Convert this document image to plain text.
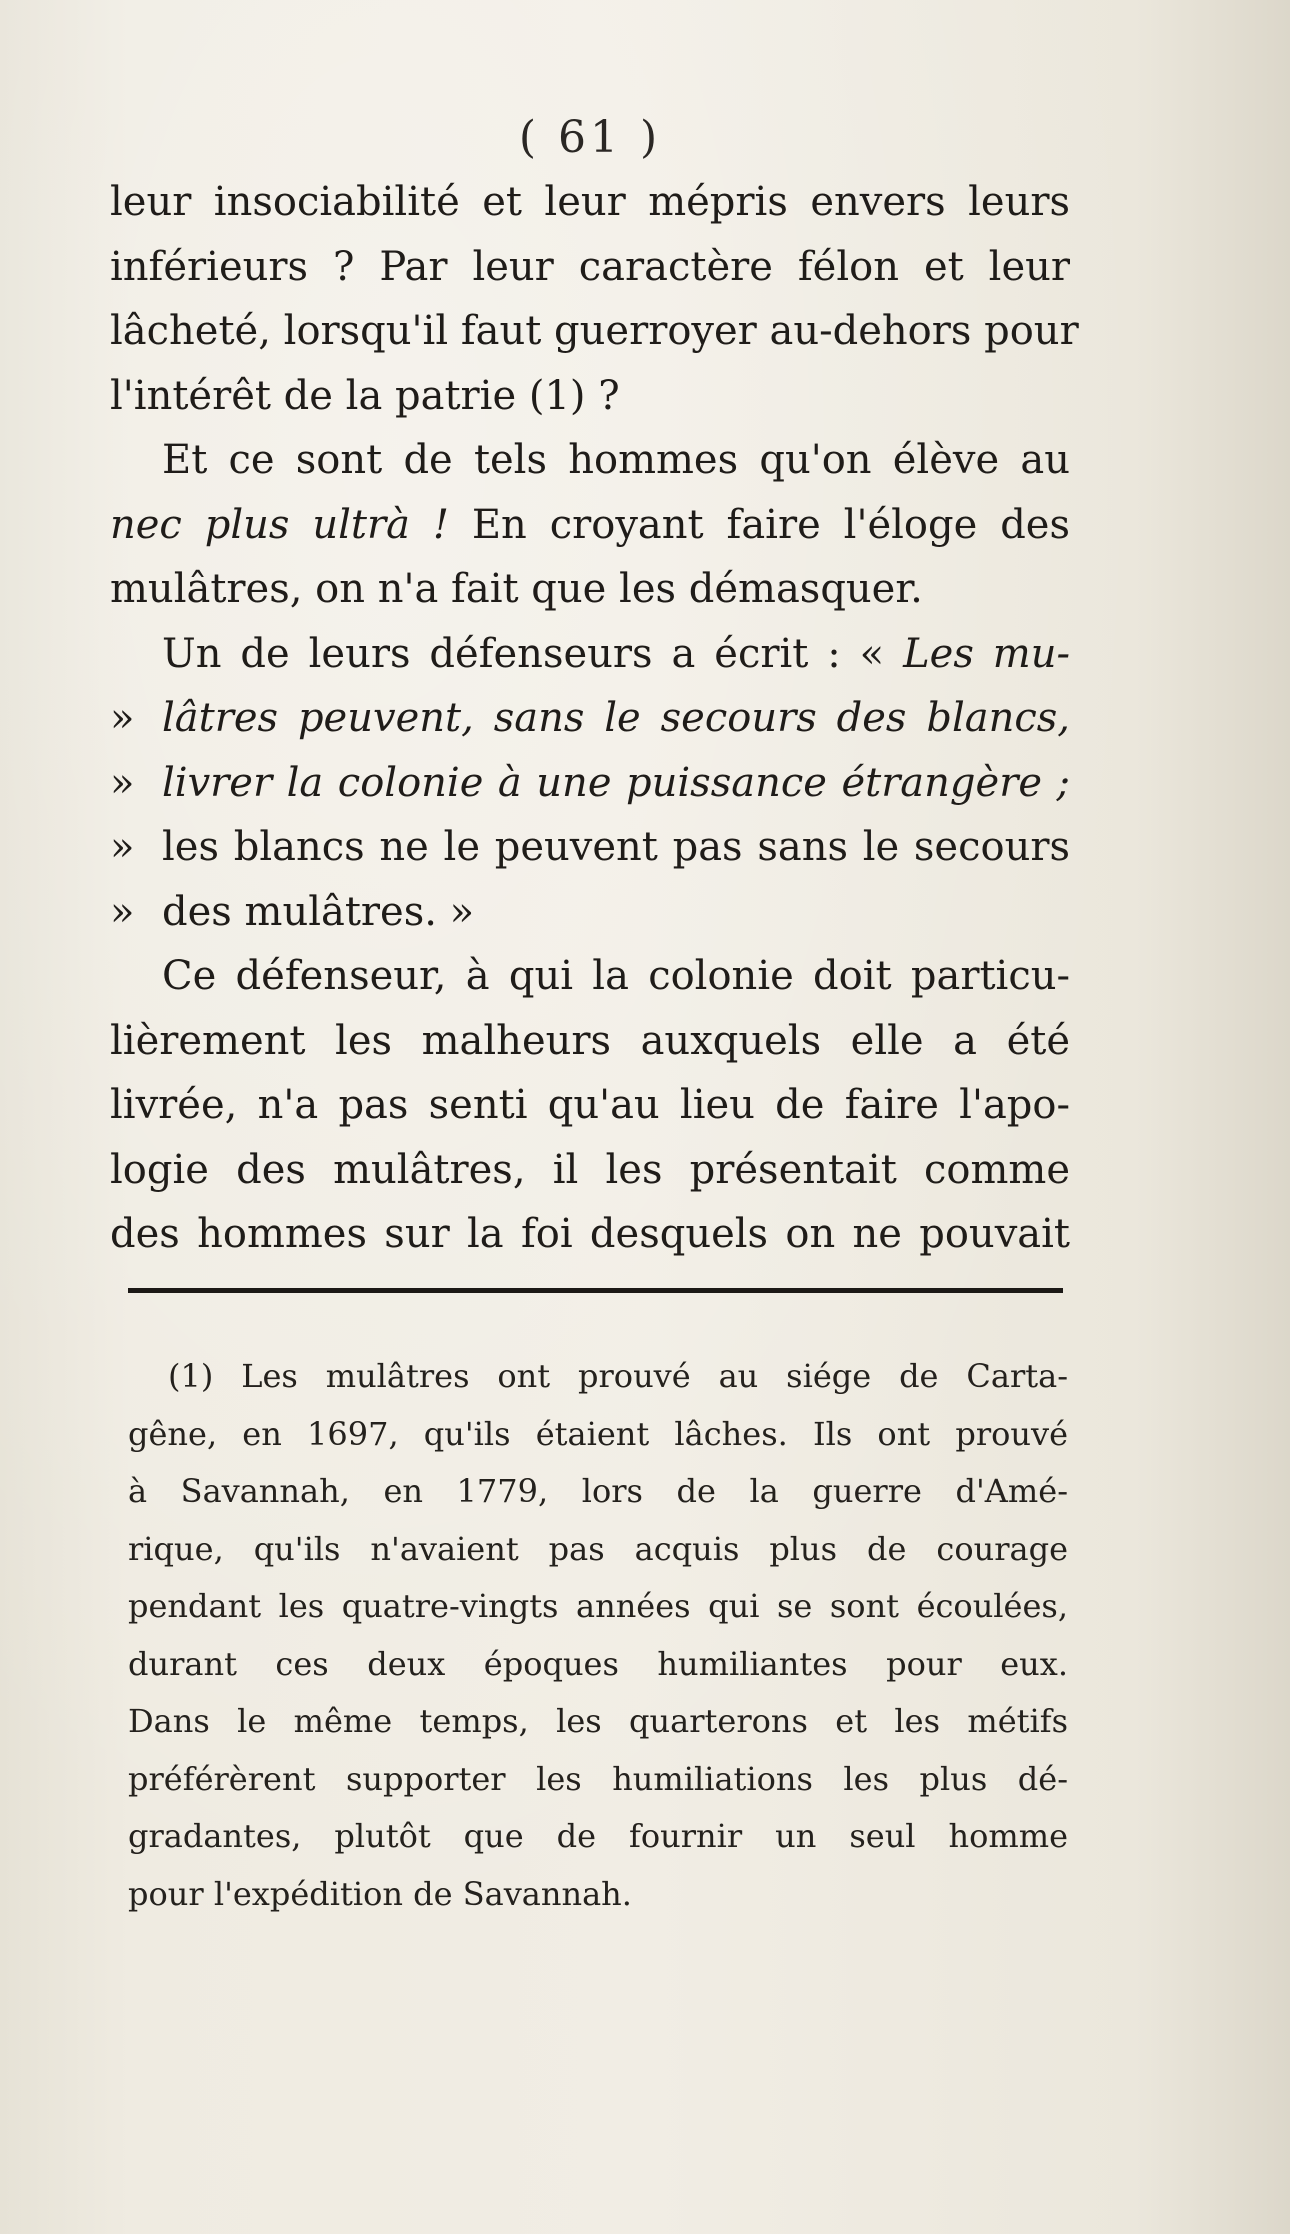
( 61 )
leur insociabilité et leur mépris envers leurs
inférieurs ? Par leur caractère félon et leur
lâcheté, lorsqu'il faut guerroyer au-dehors pour
l'intérêt de la patrie (1) ?
Et ce sont de tels hommes qu'on élève au
nec plus ultrà ! En croyant faire l'éloge des
mulâtres, on n'a fait que les démasquer.
Un de leurs défenseurs a écrit : « Les mu-
» lâtres peuvent, sans le secours des blancs,
» livrer la colonie à une puissance étrangère ;
» les blancs ne le peuvent pas sans le secours
» des mulâtres. »
Ce défenseur, à qui la colonie doit particu-
lièrement les malheurs auxquels elle a été
livrée, n'a pas senti qu'au lieu de faire l'apo-
logie des mulâtres, il les présentait comme
des hommes sur la foi desquels on ne pouvait
(1) Les mulâtres ont prouvé au siége de Carta-
gêne, en 1697, qu'ils étaient lâches. Ils ont prouvé
à Savannah, en 1779, lors de la guerre d'Amé-
rique, qu'ils n'avaient pas acquis plus de courage
pendant les quatre-vingts années qui se sont écoulées,
durant ces deux époques humiliantes pour eux.
Dans le même temps, les quarterons et les métifs
préférèrent supporter les humiliations les plus dé-
gradantes, plutôt que de fournir un seul homme
pour l'expédition de Savannah.
